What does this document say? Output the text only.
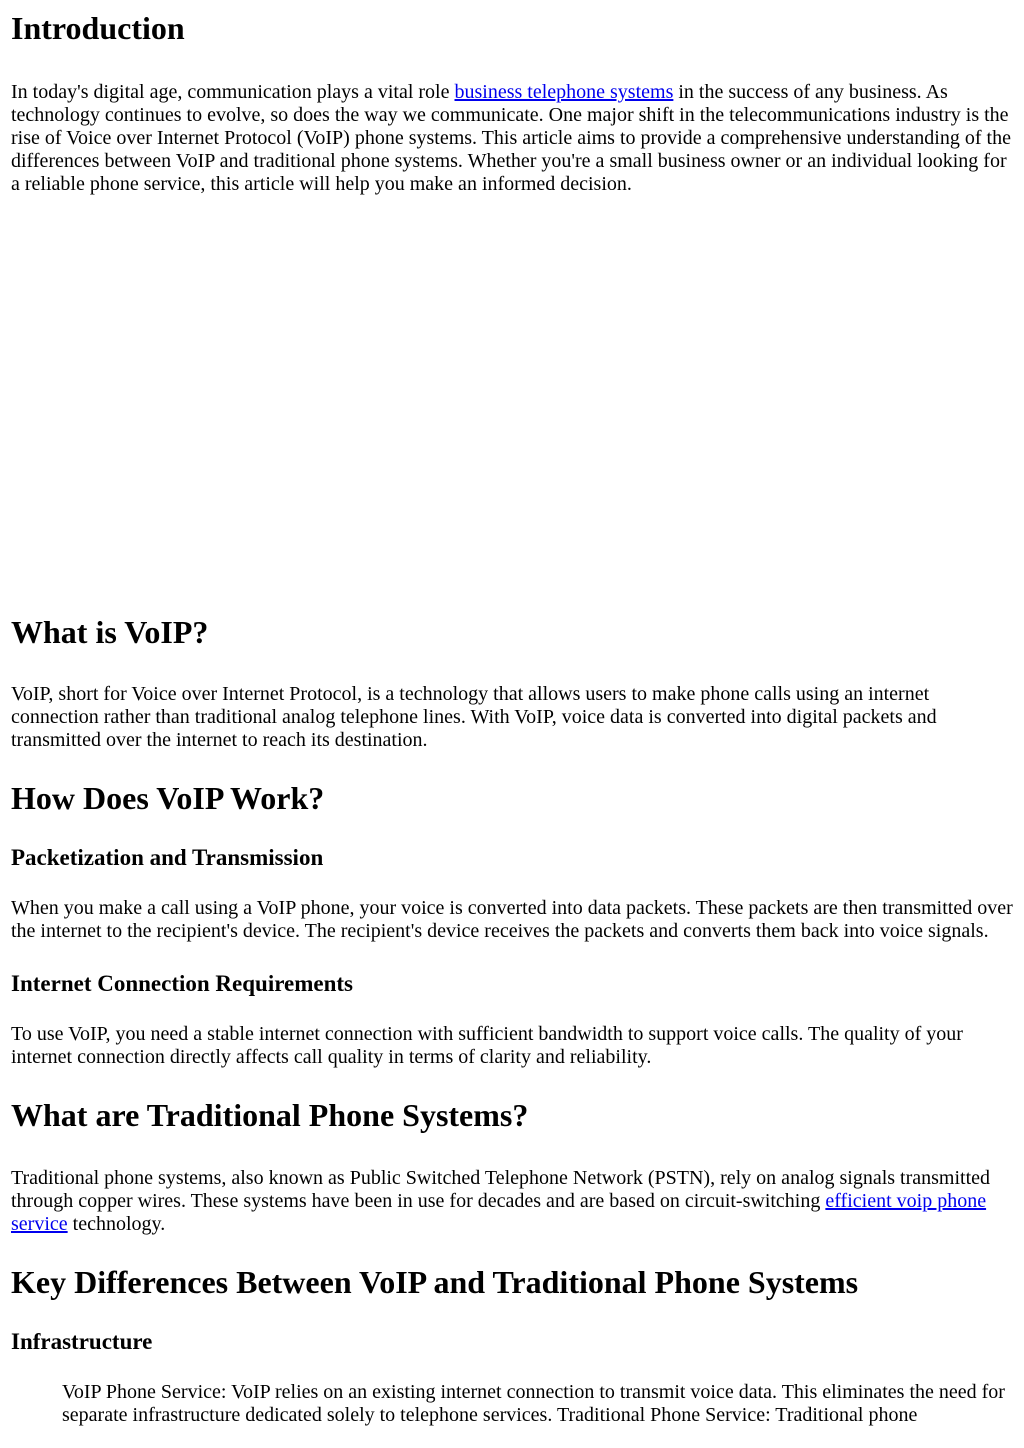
Introduction

In today's digital age, communication plays a vital role business telephone systems in the success of any business. As technology continues to evolve, so does the way we communicate. One major shift in the telecommunications industry is the rise of Voice over Internet Protocol (VoIP) phone systems. This article aims to provide a comprehensive understanding of the differences between VoIP and traditional phone systems. Whether you're a small business owner or an individual looking for a reliable phone service, this article will help you make an informed decision.

What is VoIP?

VoIP, short for Voice over Internet Protocol, is a technology that allows users to make phone calls using an internet connection rather than traditional analog telephone lines. With VoIP, voice data is converted into digital packets and transmitted over the internet to reach its destination.

How Does VoIP Work?
Packetization and Transmission

When you make a call using a VoIP phone, your voice is converted into data packets. These packets are then transmitted over the internet to the recipient's device. The recipient's device receives the packets and converts them back into voice signals.

Internet Connection Requirements

To use VoIP, you need a stable internet connection with sufficient bandwidth to support voice calls. The quality of your internet connection directly affects call quality in terms of clarity and reliability.

What are Traditional Phone Systems?

Traditional phone systems, also known as Public Switched Telephone Network (PSTN), rely on analog signals transmitted through copper wires. These systems have been in use for decades and are based on circuit-switching efficient voip phone service technology.

Key Differences Between VoIP and Traditional Phone Systems
Infrastructure

VoIP Phone Service: VoIP relies on an existing internet connection to transmit voice data. This eliminates the need for separate infrastructure dedicated solely to telephone services. Traditional Phone Service: Traditional phone
